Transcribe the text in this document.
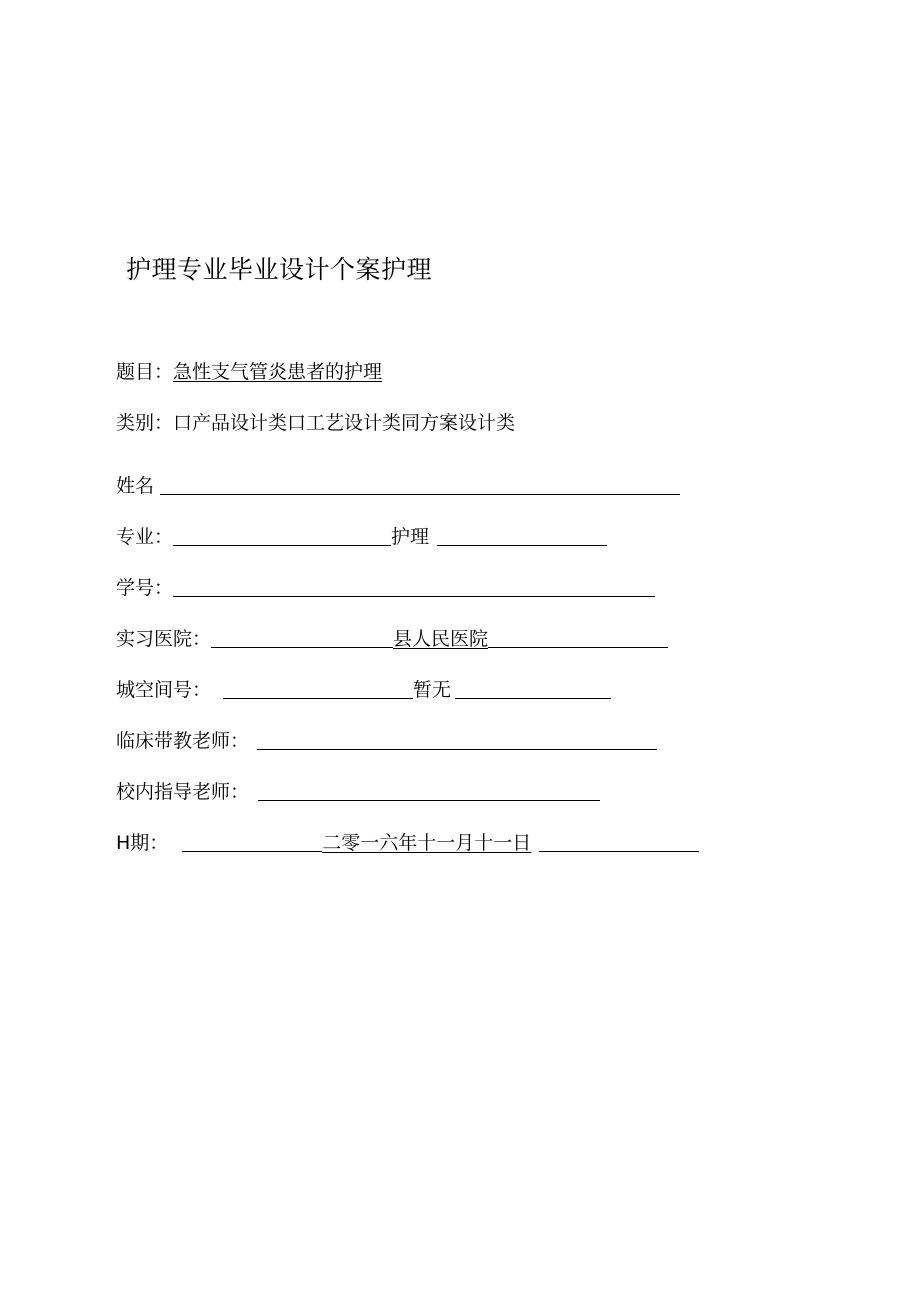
护理专业毕业设计个案护理
题目：急性支气管炎患者的护理
类别：口产品设计类口工艺设计类同方案设计类
姓名
专业：	护理
学号：
实习医院：	县人民医院
城空间号：	暂无
临床带教老师：
校内指导老师：
H期：	二零一六年十一月十一日
